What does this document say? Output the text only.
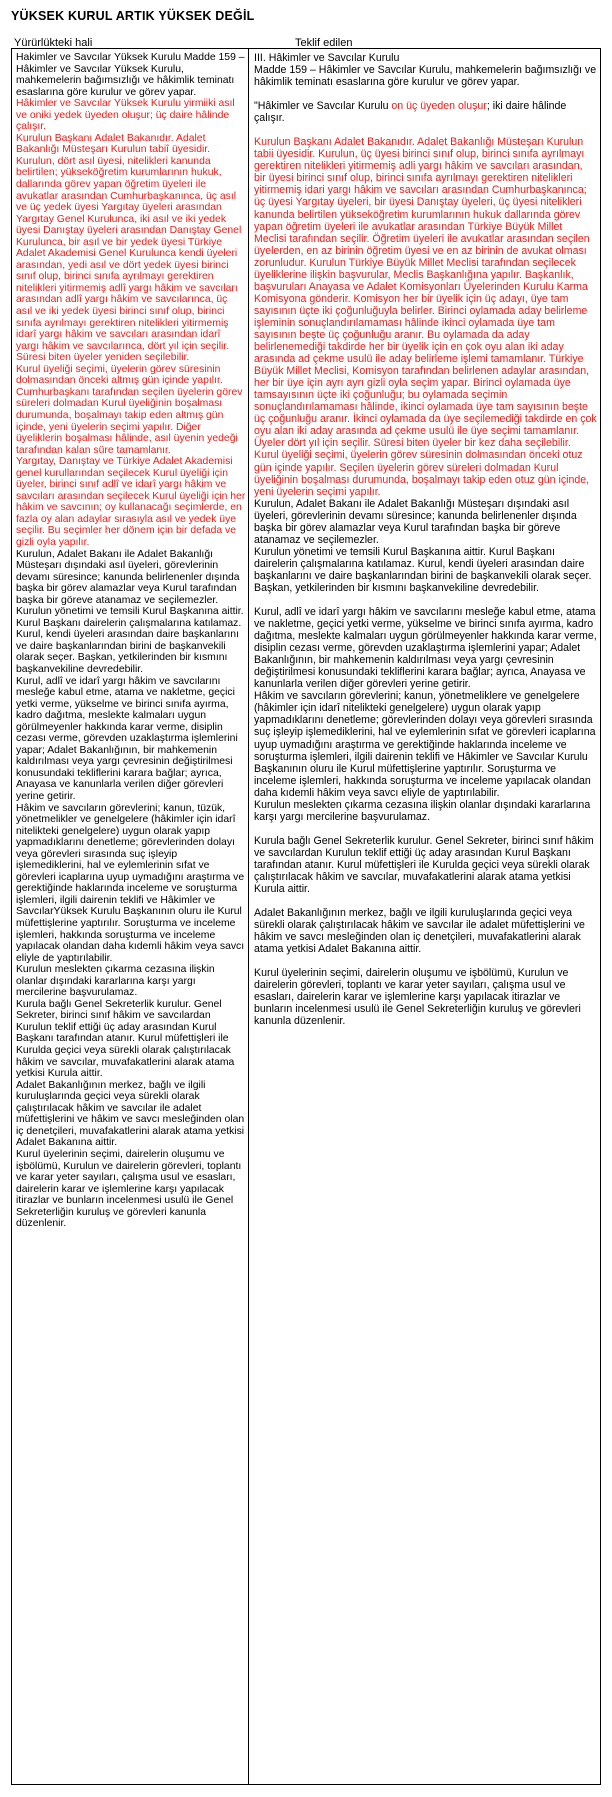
YÜKSEK KURUL ARTIK YÜKSEK DEĞİL
Yürürlükteki hali	Teklif edilen
Hakimler ve Savcılar Yüksek Kurulu Madde 159 – Hâkimler ve Savcılar Yüksek Kurulu, mahkemelerin bağımsızlığı ve hâkimlik teminatı esaslarına göre kurulur ve görev yapar.
Hâkimler ve Savcılar Yüksek Kurulu yirmiiki asıl ve oniki yedek üyeden oluşur; üç daire hâlinde çalışır.
Kurulun Başkanı Adalet Bakanıdır. Adalet Bakanlığı Müsteşarı Kurulun tabiî üyesidir. Kurulun, dört asıl üyesi, nitelikleri kanunda belirtilen; yükseköğretim kurumlarının hukuk, dallarında görev yapan öğretim üyeleri ile avukatlar arasından Cumhurbaşkanınca, üç asıl ve üç yedek üyesi Yargıtay üyeleri arasından Yargıtay Genel Kurulunca, iki asıl ve iki yedek üyesi Danıştay üyeleri arasından Danıştay Genel Kurulunca, bir asıl ve bir yedek üyesi Türkiye Adalet Akademisi Genel Kurulunca kendi üyeleri arasından, yedi asıl ve dört yedek üyesi birinci sınıf olup, birinci sınıfa ayrılmayı gerektiren nitelikleri yitirmemiş adlî yargı hâkim ve savcıları arasından adlî yargı hâkim ve savcılarınca, üç asıl ve iki yedek üyesi birinci sınıf olup, birinci sınıfa ayrılmayı gerektiren nitelikleri yitirmemiş idarî yargı hâkim ve savcıları arasından idarî yargı hâkim ve savcılarınca, dört yıl için seçilir. Süresi biten üyeler yeniden seçilebilir.
Kurul üyeliği seçimi, üyelerin görev süresinin dolmasından önceki altmış gün içinde yapılır. Cumhurbaşkanı tarafından seçilen üyelerin görev süreleri dolmadan Kurul üyeliğinin boşalması durumunda, boşalmayı takip eden altmış gün içinde, yeni üyelerin seçimi yapılır. Diğer üyeliklerin boşalması hâlinde, asıl üyenin yedeği tarafından kalan süre tamamlanır.
Yargıtay, Danıştay ve Türkiye Adalet Akademisi genel kurullarından seçilecek Kurul üyeliği için üyeler, birinci sınıf adlî ve idarî yargı hâkim ve savcıları arasından seçilecek Kurul üyeliği için her hâkim ve savcının; oy kullanacağı seçimlerde, en fazla oy alan adaylar sırasıyla asıl ve yedek üye seçilir. Bu seçimler her dönem için bir defada ve gizli oyla yapılır.
Kurulun, Adalet Bakanı ile Adalet Bakanlığı Müsteşarı dışındaki asıl üyeleri, görevlerinin devamı süresince; kanunda belirlenenler dışında başka bir görev alamazlar veya Kurul tarafından başka bir göreve atanamaz ve seçilemezler.
Kurulun yönetimi ve temsili Kurul Başkanına aittir. Kurul Başkanı dairelerin çalışmalarına katılamaz. Kurul, kendi üyeleri arasından daire başkanlarını ve daire başkanlarından birini de başkanvekili olarak seçer. Başkan, yetkilerinden bir kısmını başkanvekiline devredebilir.
Kurul, adlî ve idarî yargı hâkim ve savcılarını mesleğe kabul etme, atama ve nakletme, geçici yetki verme, yükselme ve birinci sınıfa ayırma, kadro dağıtma, meslekte kalmaları uygun görülmeyenler hakkında karar verme, disiplin cezası verme, görevden uzaklaştırma işlemlerini yapar; Adalet Bakanlığının, bir mahkemenin kaldırılması veya yargı çevresinin değiştirilmesi konusundaki tekliflerini karara bağlar; ayrıca, Anayasa ve kanunlarla verilen diğer görevleri yerine getirir.
Hâkim ve savcıların görevlerini; kanun, tüzük, yönetmelikler ve genelgelere (hâkimler için idarî nitelikteki genelgelere) uygun olarak yapıp yapmadıklarını denetleme; görevlerinden dolayı veya görevleri sırasında suç işleyip işlemediklerini, hal ve eylemlerinin sıfat ve görevleri icaplarına uyup uymadığını araştırma ve gerektiğinde haklarında inceleme ve soruşturma işlemleri, ilgili dairenin teklifi ve Hâkimler ve SavcılarYüksek Kurulu Başkanının oluru ile Kurul müfettişlerine yaptırılır. Soruşturma ve inceleme işlemleri, hakkında soruşturma ve inceleme yapılacak olandan daha kıdemli hâkim veya savcı eliyle de yaptırılabilir.
Kurulun meslekten çıkarma cezasına ilişkin olanlar dışındaki kararlarına karşı yargı mercilerine başvurulamaz.
Kurula bağlı Genel Sekreterlik kurulur. Genel Sekreter, birinci sınıf hâkim ve savcılardan Kurulun teklif ettiği üç aday arasından Kurul Başkanı tarafından atanır. Kurul müfettişleri ile Kurulda geçici veya sürekli olarak çalıştırılacak hâkim ve savcılar, muvafakatlerini alarak atama yetkisi Kurula aittir.
Adalet Bakanlığının merkez, bağlı ve ilgili kuruluşlarında geçici veya sürekli olarak çalıştırılacak hâkim ve savcılar ile adalet müfettişlerini ve hâkim ve savcı mesleğinden olan iç denetçileri, muvafakatlerini alarak atama yetkisi Adalet Bakanına aittir.
Kurul üyelerinin seçimi, dairelerin oluşumu ve işbölümü, Kurulun ve dairelerin görevleri, toplantı ve karar yeter sayıları, çalışma usul ve esasları, dairelerin karar ve işlemlerine karşı yapılacak itirazlar ve bunların incelenmesi usulü ile Genel Sekreterliğin kuruluş ve görevleri kanunla düzenlenir.
III. Hâkimler ve Savcılar Kurulu
Madde 159 – Hâkimler ve Savcılar Kurulu, mahkemelerin bağımsızlığı ve hâkimlik teminatı esaslarına göre kurulur ve görev yapar.
"Hâkimler ve Savcılar Kurulu on üç üyeden oluşur; iki daire hâlinde çalışır.
Kurulun Başkanı Adalet Bakanıdır. Adalet Bakanlığı Müsteşarı Kurulun tabii üyesidir. Kurulun, üç üyesi birinci sınıf olup, birinci sınıfa ayrılmayı gerektiren nitelikleri yitirmemiş adli yargı hâkim ve savcıları arasından, bir üyesi birinci sınıf olup, birinci sınıfa ayrılmayı gerektiren nitelikleri yitirmemiş idari yargı hâkim ve savcıları arasından Cumhurbaşkanınca; üç üyesi Yargıtay üyeleri, bir üyesi Danıştay üyeleri, üç üyesi nitelikleri kanunda belirtilen yükseköğretim kurumlarının hukuk dallarında görev yapan öğretim üyeleri ile avukatlar arasından Türkiye Büyük Millet Meclisi tarafından seçilir. Öğretim üyeleri ile avukatlar arasından seçilen üyelerden, en az birinin öğretim üyesi ve en az birinin de avukat olması zorunludur. Kurulun Türkiye Büyük Millet Meclisi tarafından seçilecek üyeliklerine ilişkin başvurular, Meclis Başkanlığına yapılır. Başkanlık, başvuruları Anayasa ve Adalet Komisyonları Üyelerinden Kurulu Karma Komisyona gönderir. Komisyon her bir üyelik için üç adayı, üye tam sayısının üçte iki çoğunluğuyla belirler. Birinci oylamada aday belirleme işleminin sonuçlandırılamaması hâlinde ikinci oylamada üye tam sayısının beşte üç çoğunluğu aranır. Bu oylamada da aday belirlenemediği takdirde her bir üyelik için en çok oyu alan iki aday arasında ad çekme usulü ile aday belirleme işlemi tamamlanır. Türkiye Büyük Millet Meclisi, Komisyon tarafından belirlenen adaylar arasından, her bir üye için ayrı ayrı gizli oyla seçim yapar. Birinci oylamada üye tamsayısının üçte iki çoğunluğu; bu oylamada seçimin sonuçlandırılamaması hâlinde, ikinci oylamada üye tam sayısının beşte üç çoğunluğu aranır. İkinci oylamada da üye seçilemediği takdirde en çok oyu alan iki aday arasında ad çekme usulü ile üye seçimi tamamlanır.
Üyeler dört yıl için seçilir. Süresi biten üyeler bir kez daha seçilebilir.
Kurul üyeliği seçimi, üyelerin görev süresinin dolmasından önceki otuz gün içinde yapılır. Seçilen üyelerin görev süreleri dolmadan Kurul üyeliğinin boşalması durumunda, boşalmayı takip eden otuz gün içinde, yeni üyelerin seçimi yapılır.
Kurulun, Adalet Bakanı ile Adalet Bakanlığı Müsteşarı dışındaki asıl üyeleri, görevlerinin devamı süresince; kanunda belirlenenler dışında başka bir görev alamazlar veya Kurul tarafından başka bir göreve atanamaz ve seçilemezler.
Kurulun yönetimi ve temsili Kurul Başkanına aittir. Kurul Başkanı dairelerin çalışmalarına katılamaz. Kurul, kendi üyeleri arasından daire başkanlarını ve daire başkanlarından birini de başkanvekili olarak seçer. Başkan, yetkilerinden bir kısmını başkanvekiline devredebilir.
Kurul, adlî ve idarî yargı hâkim ve savcılarını mesleğe kabul etme, atama ve nakletme, geçici yetki verme, yükselme ve birinci sınıfa ayırma, kadro dağıtma, meslekte kalmaları uygun görülmeyenler hakkında karar verme, disiplin cezası verme, görevden uzaklaştırma işlemlerini yapar; Adalet Bakanlığının, bir mahkemenin kaldırılması veya yargı çevresinin değiştirilmesi konusundaki tekliflerini karara bağlar; ayrıca, Anayasa ve kanunlarla verilen diğer görevleri yerine getirir.
Hâkim ve savcıların görevlerini; kanun, yönetmeliklere ve genelgelere (hâkimler için idarî nitelikteki genelgelere) uygun olarak yapıp yapmadıklarını denetleme; görevlerinden dolayı veya görevleri sırasında suç işleyip işlemediklerini, hal ve eylemlerinin sıfat ve görevleri icaplarına uyup uymadığını araştırma ve gerektiğinde haklarında inceleme ve soruşturma işlemleri, ilgili dairenin teklifi ve Hâkimler ve Savcılar Kurulu Başkanının oluru ile Kurul müfettişlerine yaptırılır. Soruşturma ve inceleme işlemleri, hakkında soruşturma ve inceleme yapılacak olandan daha kıdemli hâkim veya savcı eliyle de yaptırılabilir.
Kurulun meslekten çıkarma cezasına ilişkin olanlar dışındaki kararlarına karşı yargı mercilerine başvurulamaz.
Kurula bağlı Genel Sekreterlik kurulur. Genel Sekreter, birinci sınıf hâkim ve savcılardan Kurulun teklif ettiği üç aday arasından Kurul Başkanı tarafından atanır. Kurul müfettişleri ile Kurulda geçici veya sürekli olarak çalıştırılacak hâkim ve savcılar, muvafakatlerini alarak atama yetkisi Kurula aittir.
Adalet Bakanlığının merkez, bağlı ve ilgili kuruluşlarında geçici veya sürekli olarak çalıştırılacak hâkim ve savcılar ile adalet müfettişlerini ve hâkim ve savcı mesleğinden olan iç denetçileri, muvafakatlerini alarak atama yetkisi Adalet Bakanına aittir.
Kurul üyelerinin seçimi, dairelerin oluşumu ve işbölümü, Kurulun ve dairelerin görevleri, toplantı ve karar yeter sayıları, çalışma usul ve esasları, dairelerin karar ve işlemlerine karşı yapılacak itirazlar ve bunların incelenmesi usulü ile Genel Sekreterliğin kuruluş ve görevleri kanunla düzenlenir.
